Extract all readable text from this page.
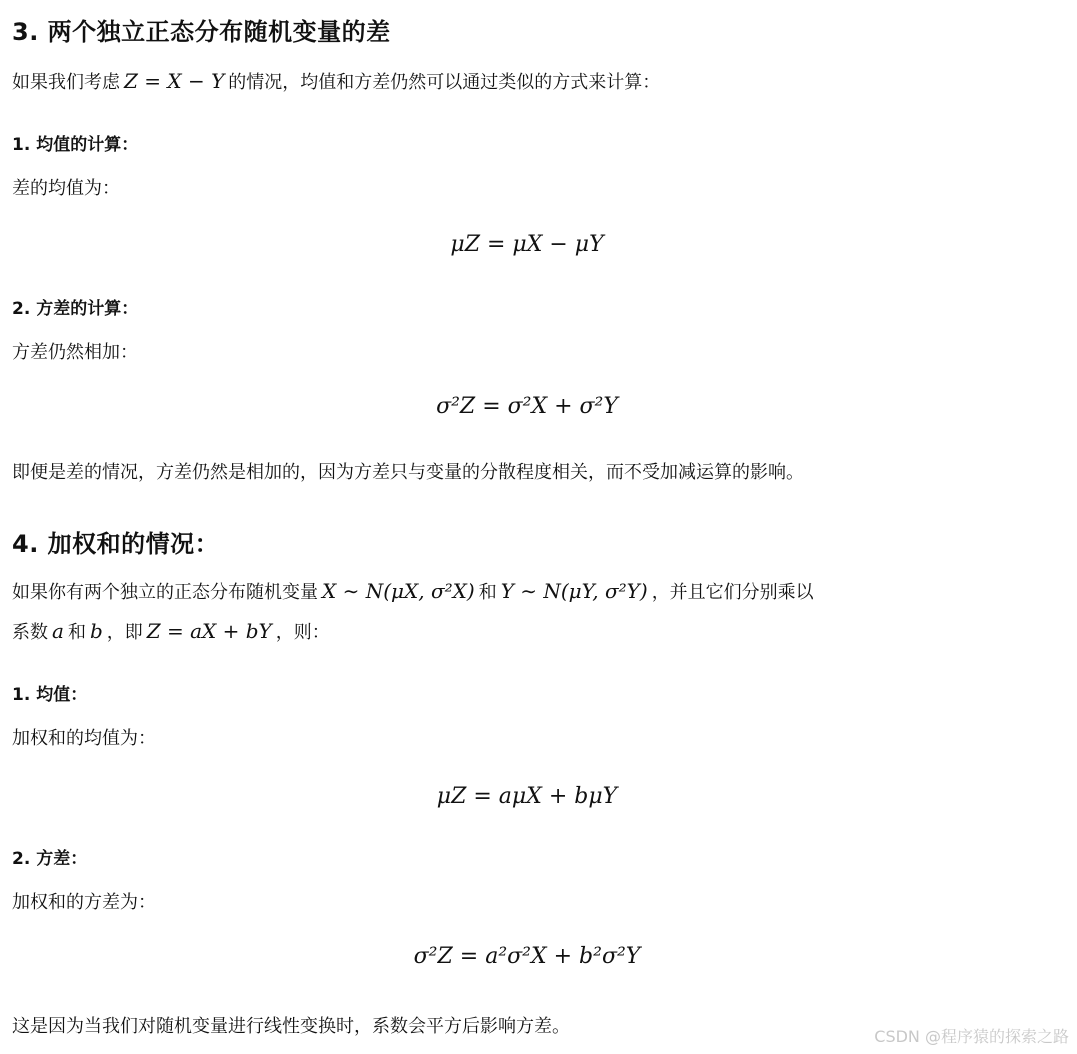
3. 两个独立正态分布随机变量的差
如果我们考虑 Z = X − Y 的情况，均值和方差仍然可以通过类似的方式来计算：
1. 均值的计算：
差的均值为：
μZ = μX − μY
2. 方差的计算：
方差仍然相加：
σ²Z = σ²X + σ²Y
即便是差的情况，方差仍然是相加的，因为方差只与变量的分散程度相关，而不受加减运算的影响。
4. 加权和的情况：
如果你有两个独立的正态分布随机变量 X ∼ N(μX, σ²X) 和 Y ∼ N(μY, σ²Y) ，并且它们分别乘以
系数 a 和 b ，即 Z = aX + bY ，则：
1. 均值：
加权和的均值为：
μZ = aμX + bμY
2. 方差：
加权和的方差为：
σ²Z = a²σ²X + b²σ²Y
这是因为当我们对随机变量进行线性变换时，系数会平方后影响方差。	CSDN @程序猿的探索之路
